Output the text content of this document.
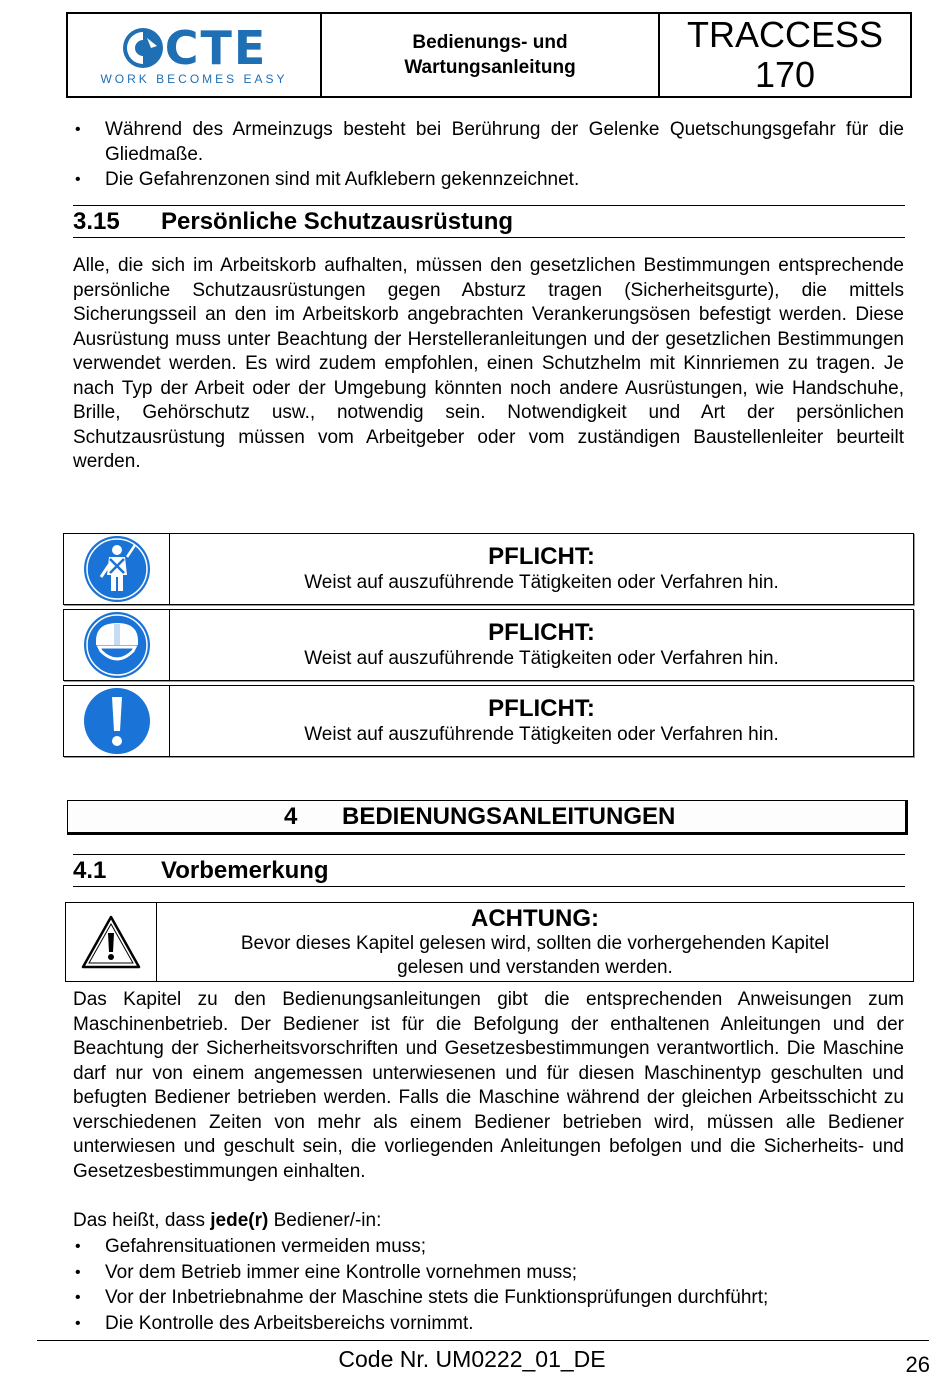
CTE
WORK BECOMES EASY
Bedienungs- und
Wartungsanleitung
TRACCESS
170
• Während des Armeinzugs besteht bei Berührung der Gelenke Quetschungsgefahr für die Gliedmaße.
• Die Gefahrenzonen sind mit Aufklebern gekennzeichnet.
3.15	Persönliche Schutzausrüstung

Alle, die sich im Arbeitskorb aufhalten, müssen den gesetzlichen Bestimmungen entsprechende persönliche Schutzausrüstungen gegen Absturz tragen (Sicherheitsgurte), die mittels Sicherungsseil an den im Arbeitskorb angebrachten Verankerungsösen befestigt werden. Diese Ausrüstung muss unter Beachtung der Herstelleranleitungen und der gesetzlichen Bestimmungen verwendet werden. Es wird zudem empfohlen, einen Schutzhelm mit Kinnriemen zu tragen. Je nach Typ der Arbeit oder der Umgebung könnten noch andere Ausrüstungen, wie Handschuhe, Brille, Gehörschutz usw., notwendig sein. Notwendigkeit und Art der persönlichen Schutzausrüstung müssen vom Arbeitgeber oder vom zuständigen Baustellenleiter beurteilt werden.

PFLICHT:
Weist auf auszuführende Tätigkeiten oder Verfahren hin.
PFLICHT:
Weist auf auszuführende Tätigkeiten oder Verfahren hin.
PFLICHT:
Weist auf auszuführende Tätigkeiten oder Verfahren hin.
4	BEDIENUNGSANLEITUNGEN
4.1	Vorbemerkung
ACHTUNG:
Bevor dieses Kapitel gelesen wird, sollten die vorhergehenden Kapitel
gelesen und verstanden werden.

Das Kapitel zu den Bedienungsanleitungen gibt die entsprechenden Anweisungen zum Maschinenbetrieb. Der Bediener ist für die Befolgung der enthaltenen Anleitungen und der Beachtung der Sicherheitsvorschriften und Gesetzesbestimmungen verantwortlich. Die Maschine darf nur von einem angemessen unterwiesenen und für diesen Maschinentyp geschulten und befugten Bediener betrieben werden. Falls die Maschine während der gleichen Arbeitsschicht zu verschiedenen Zeiten von mehr als einem Bediener betrieben wird, müssen alle Bediener unterwiesen und geschult sein, die vorliegenden Anleitungen befolgen und die Sicherheits- und Gesetzesbestimmungen einhalten.

Das heißt, dass jede(r) Bediener/-in:

• Gefahrensituationen vermeiden muss;
• Vor dem Betrieb immer eine Kontrolle vornehmen muss;
• Vor der Inbetriebnahme der Maschine stets die Funktionsprüfungen durchführt;
• Die Kontrolle des Arbeitsbereichs vornimmt.
Code Nr. UM0222_01_DE	26
